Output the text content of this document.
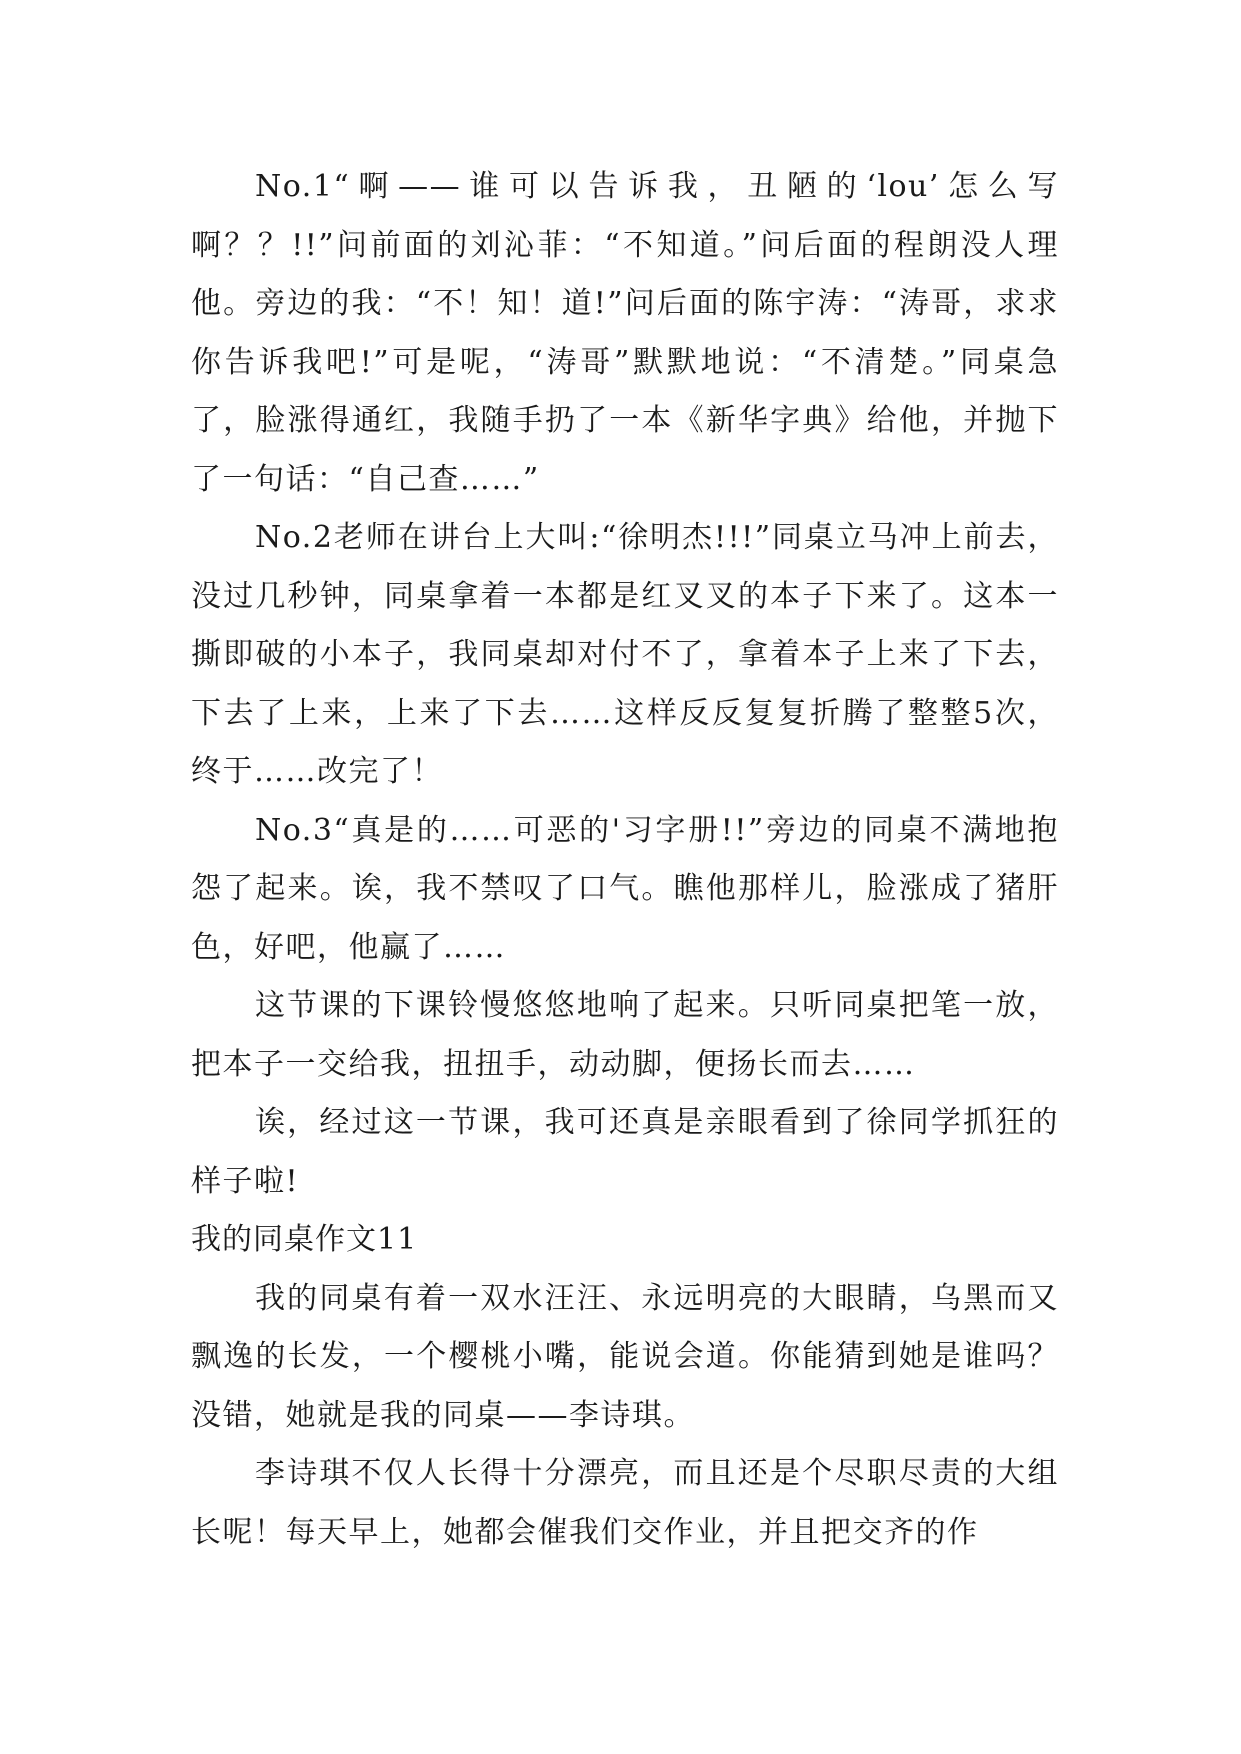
No.1“啊——谁可以告诉我，丑陋的‘lou’怎么写啊？？!!”问前面的刘沁菲：“不知道。”问后面的程朗没人理他。旁边的我：“不！知！道!”问后面的陈宇涛：“涛哥，求求你告诉我吧!”可是呢，“涛哥”默默地说：“不清楚。”同桌急了，脸涨得通红，我随手扔了一本《新华字典》给他，并抛下了一句话：“自己查……”

No.2老师在讲台上大叫:“徐明杰!!!”同桌立马冲上前去，没过几秒钟，同桌拿着一本都是红叉叉的本子下来了。这本一撕即破的小本子，我同桌却对付不了，拿着本子上来了下去，下去了上来，上来了下去……这样反反复复折腾了整整5次，终于……改完了！

No.3“真是的……可恶的'习字册!!”旁边的同桌不满地抱怨了起来。诶，我不禁叹了口气。瞧他那样儿，脸涨成了猪肝色，好吧，他赢了……

这节课的下课铃慢悠悠地响了起来。只听同桌把笔一放，把本子一交给我，扭扭手，动动脚，便扬长而去……

诶，经过这一节课，我可还真是亲眼看到了徐同学抓狂的样子啦!

我的同桌作文11

我的同桌有着一双水汪汪、永远明亮的大眼睛，乌黑而又飘逸的长发，一个樱桃小嘴，能说会道。你能猜到她是谁吗？没错，她就是我的同桌——李诗琪。

李诗琪不仅人长得十分漂亮，而且还是个尽职尽责的大组长呢！每天早上，她都会催我们交作业，并且把交齐的作
